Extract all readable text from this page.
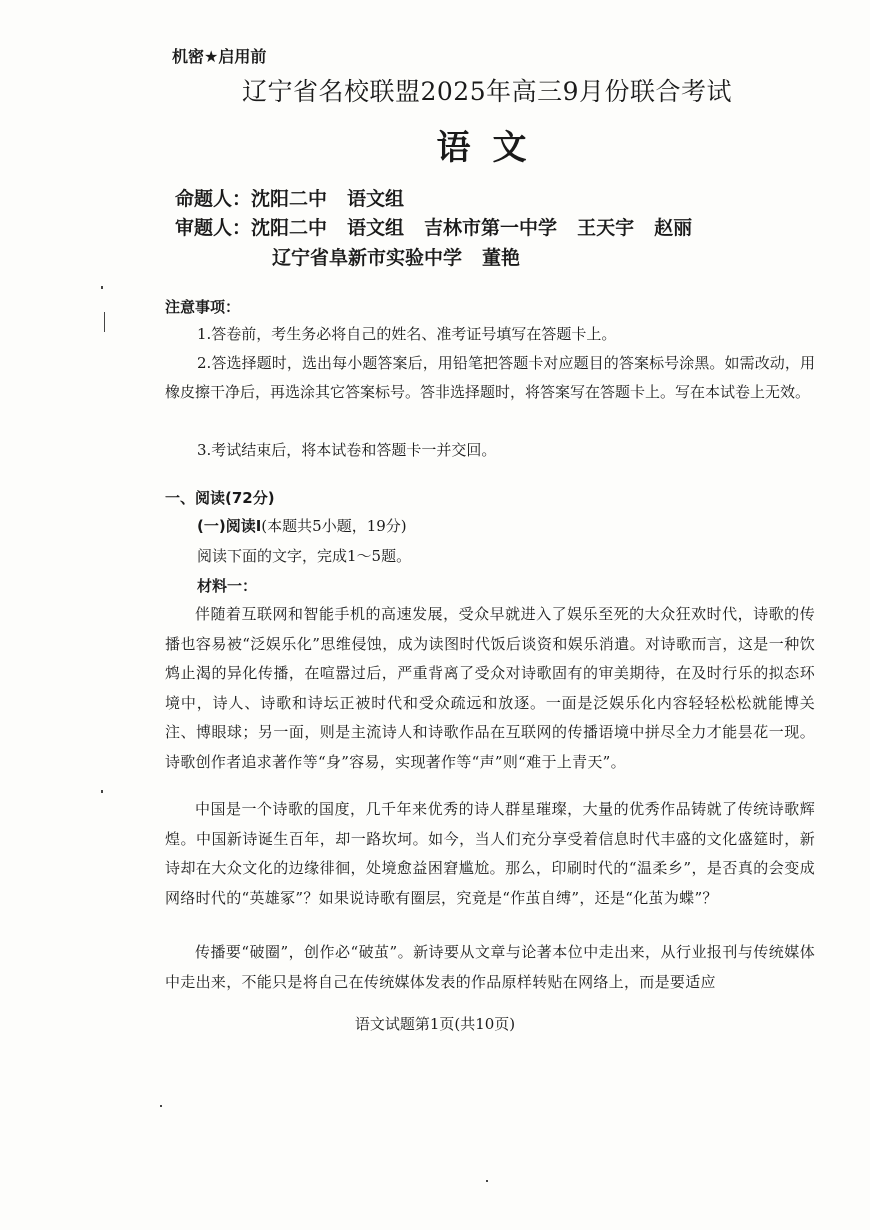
机密★启用前
辽宁省名校联盟2025年高三9月份联合考试
语文
命题人：沈阳二中 语文组
审题人：沈阳二中 语文组 吉林市第一中学 王天宇 赵丽
辽宁省阜新市实验中学 董艳
注意事项：
1.答卷前，考生务必将自己的姓名、准考证号填写在答题卡上。
2.答选择题时，选出每小题答案后，用铅笔把答题卡对应题目的答案标号涂黑。如需改动，用橡皮擦干净后，再选涂其它答案标号。答非选择题时，将答案写在答题卡上。写在本试卷上无效。
3.考试结束后，将本试卷和答题卡一并交回。
一、阅读(72分)
(一)阅读Ⅰ(本题共5小题，19分)
阅读下面的文字，完成1～5题。
材料一：
伴随着互联网和智能手机的高速发展，受众早就进入了娱乐至死的大众狂欢时代，诗歌的传播也容易被“泛娱乐化”思维侵蚀，成为读图时代饭后谈资和娱乐消遣。对诗歌而言，这是一种饮鸩止渴的异化传播，在喧嚣过后，严重背离了受众对诗歌固有的审美期待，在及时行乐的拟态环境中，诗人、诗歌和诗坛正被时代和受众疏远和放逐。一面是泛娱乐化内容轻轻松松就能博关注、博眼球；另一面，则是主流诗人和诗歌作品在互联网的传播语境中拼尽全力才能昙花一现。诗歌创作者追求著作等“身”容易，实现著作等“声”则“难于上青天”。
中国是一个诗歌的国度，几千年来优秀的诗人群星璀璨，大量的优秀作品铸就了传统诗歌辉煌。中国新诗诞生百年，却一路坎坷。如今，当人们充分享受着信息时代丰盛的文化盛筵时，新诗却在大众文化的边缘徘徊，处境愈益困窘尴尬。那么，印刷时代的“温柔乡”，是否真的会变成网络时代的“英雄冢”？如果说诗歌有圈层，究竟是“作茧自缚”，还是“化茧为蝶”？
传播要“破圈”，创作必“破茧”。新诗要从文章与论著本位中走出来，从行业报刊与传统媒体中走出来，不能只是将自己在传统媒体发表的作品原样转贴在网络上，而是要适应
语文试题第1页(共10页)
